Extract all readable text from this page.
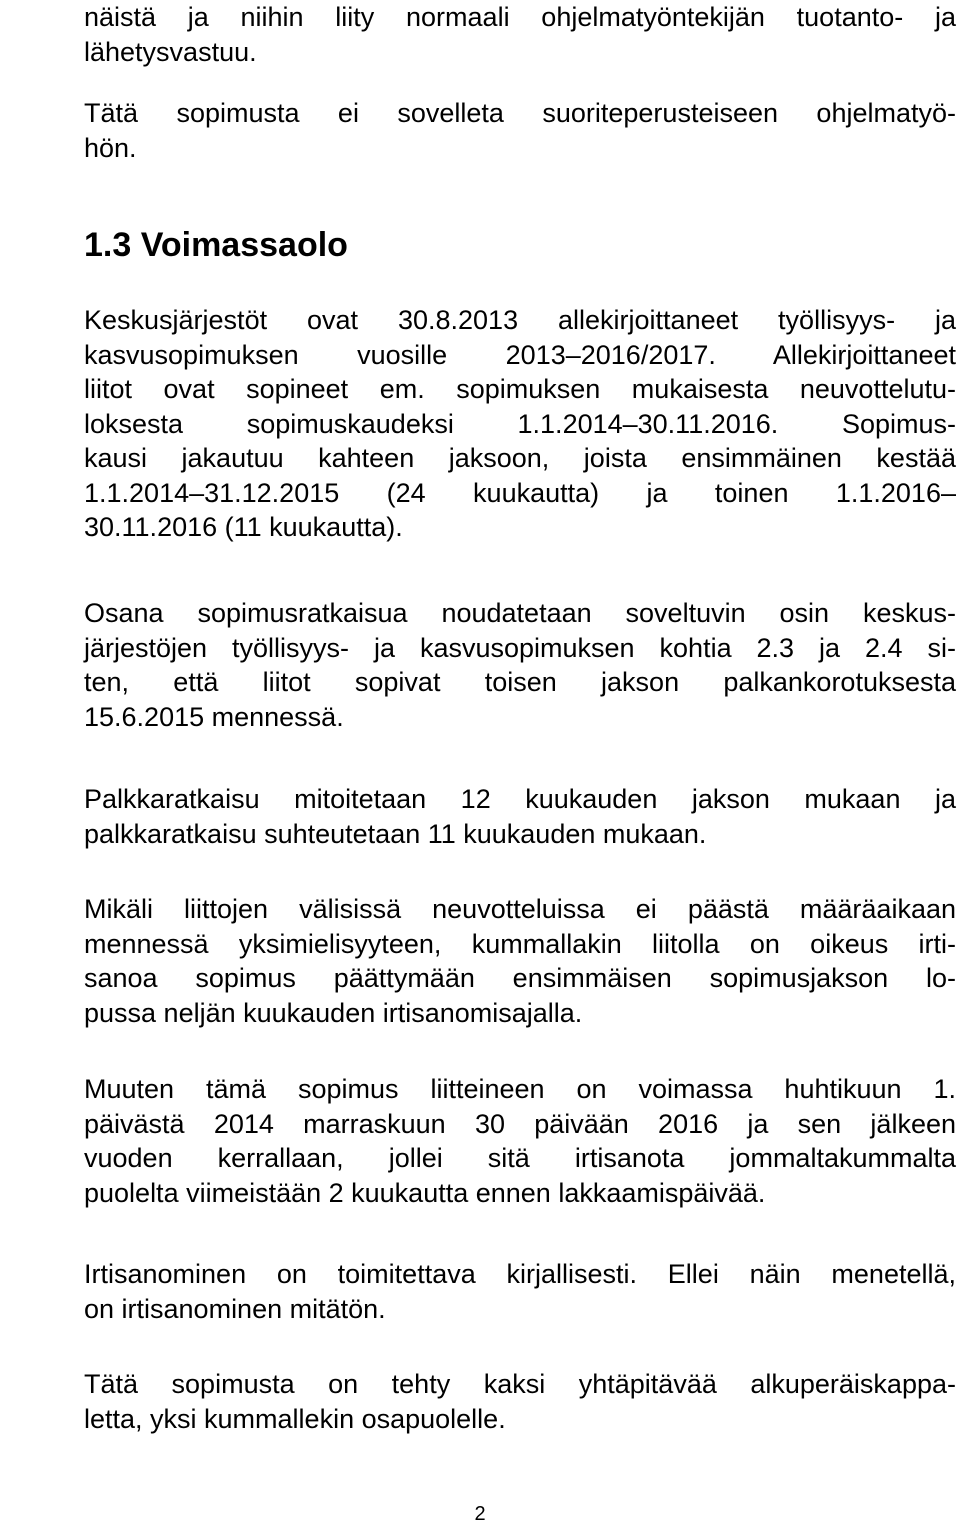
näistä ja niihin liity normaali ohjelmatyöntekijän tuotanto- ja
lähetysvastuu.
Tätä sopimusta ei sovelleta suoriteperusteiseen ohjelmatyö-
hön.
1.3 Voimassaolo
Keskusjärjestöt ovat 30.8.2013 allekirjoittaneet työllisyys- ja
kasvusopimuksen vuosille 2013–2016/2017. Allekirjoittaneet
liitot ovat sopineet em. sopimuksen mukaisesta neuvottelutu-
loksesta sopimuskaudeksi 1.1.2014–30.11.2016. Sopimus-
kausi jakautuu kahteen jaksoon, joista ensimmäinen kestää
1.1.2014–31.12.2015 (24 kuukautta) ja toinen 1.1.2016–
30.11.2016 (11 kuukautta).
Osana sopimusratkaisua noudatetaan soveltuvin osin keskus-
järjestöjen työllisyys- ja kasvusopimuksen kohtia 2.3 ja 2.4 si-
ten, että liitot sopivat toisen jakson palkankorotuksesta
15.6.2015 mennessä.
Palkkaratkaisu mitoitetaan 12 kuukauden jakson mukaan ja
palkkaratkaisu suhteutetaan 11 kuukauden mukaan.
Mikäli liittojen välisissä neuvotteluissa ei päästä määräaikaan
mennessä yksimielisyyteen, kummallakin liitolla on oikeus irti-
sanoa sopimus päättymään ensimmäisen sopimusjakson lo-
pussa neljän kuukauden irtisanomisajalla.
Muuten tämä sopimus liitteineen on voimassa huhtikuun 1.
päivästä 2014 marraskuun 30 päivään 2016 ja sen jälkeen
vuoden kerrallaan, jollei sitä irtisanota jommaltakummalta
puolelta viimeistään 2 kuukautta ennen lakkaamispäivää.
Irtisanominen on toimitettava kirjallisesti. Ellei näin menetellä,
on irtisanominen mitätön.
Tätä sopimusta on tehty kaksi yhtäpitävää alkuperäiskappa-
letta, yksi kummallekin osapuolelle.
2
